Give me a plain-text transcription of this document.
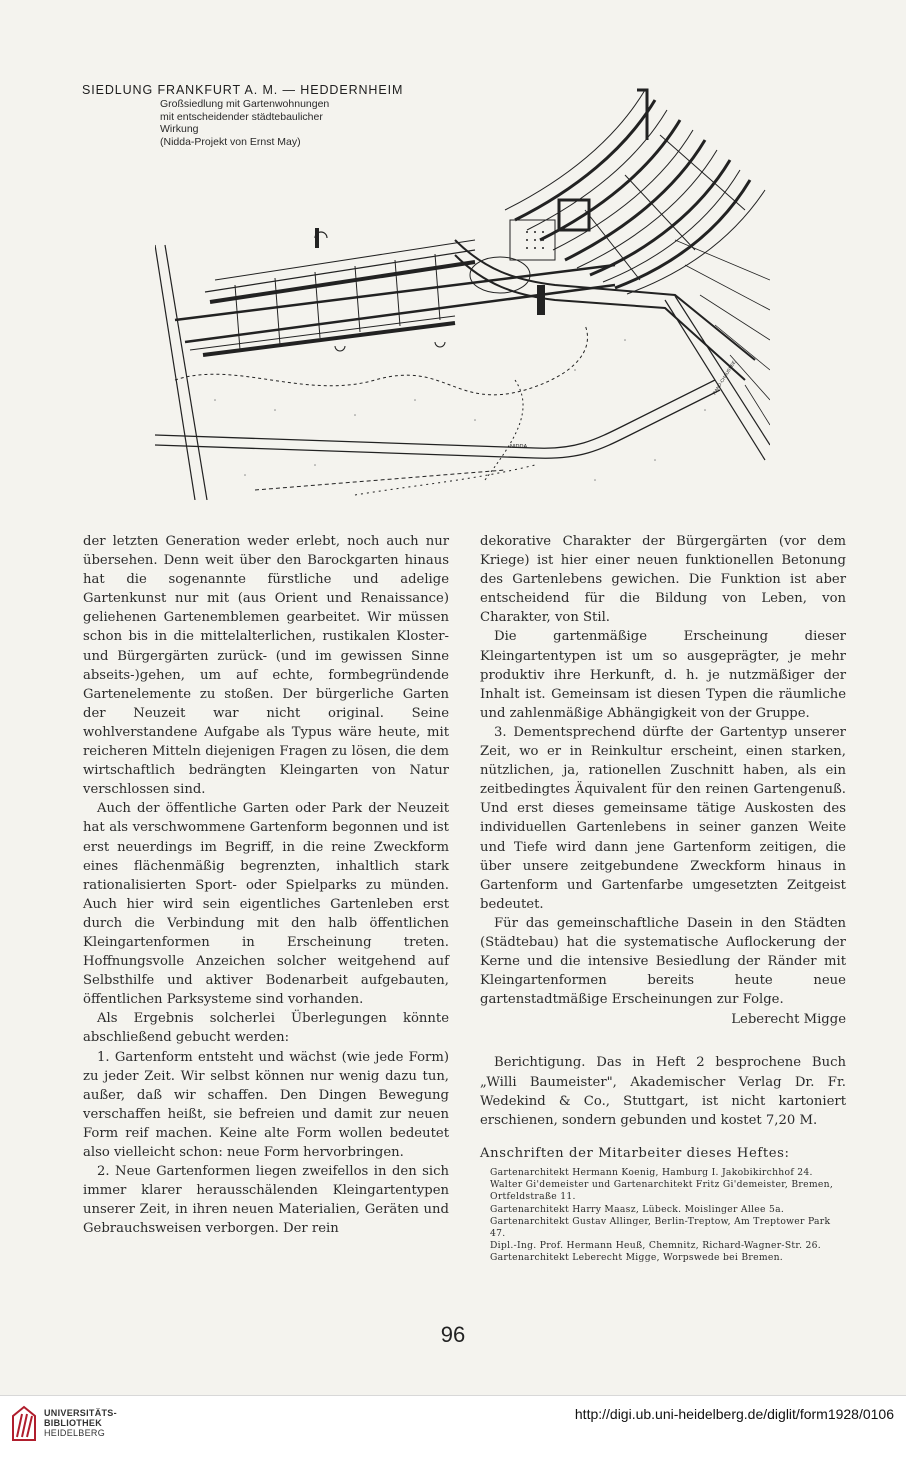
SIEDLUNG FRANKFURT A. M. — HEDDERNHEIM
Großsiedlung mit Gartenwohnungen
mit entscheidender städtebaulicher
Wirkung
(Nidda-Projekt von Ernst May)
NIDDA
RAND-CHAUSSEE

der letzten Generation weder erlebt, noch auch nur übersehen. Denn weit über den Barockgarten hinaus hat die sogenannte fürstliche und adelige Gartenkunst nur mit (aus Orient und Renaissance) geliehenen Gartenemblemen gearbeitet. Wir müssen schon bis in die mittelalterlichen, rustikalen Kloster- und Bürgergärten zurück- (und im gewissen Sinne abseits-)gehen, um auf echte, formbegründende Gartenelemente zu stoßen. Der bürgerliche Garten der Neuzeit war nicht original. Seine wohlverstandene Aufgabe als Typus wäre heute, mit reicheren Mitteln diejenigen Fragen zu lösen, die dem wirtschaftlich bedrängten Kleingarten von Natur verschlossen sind.

Auch der öffentliche Garten oder Park der Neuzeit hat als verschwommene Gartenform begonnen und ist erst neuerdings im Begriff, in die reine Zweckform eines flächenmäßig begrenzten, inhaltlich stark rationalisierten Sport- oder Spielparks zu münden. Auch hier wird sein eigentliches Gartenleben erst durch die Verbindung mit den halb öffentlichen Kleingartenformen in Erscheinung treten. Hoffnungsvolle Anzeichen solcher weitgehend auf Selbsthilfe und aktiver Bodenarbeit aufgebauten, öffentlichen Parksysteme sind vorhanden.

Als Ergebnis solcherlei Überlegungen könnte abschließend gebucht werden:

1. Gartenform entsteht und wächst (wie jede Form) zu jeder Zeit. Wir selbst können nur wenig dazu tun, außer, daß wir schaffen. Den Dingen Bewegung verschaffen heißt, sie befreien und damit zur neuen Form reif machen. Keine alte Form wollen bedeutet also vielleicht schon: neue Form hervorbringen.

2. Neue Gartenformen liegen zweifellos in den sich immer klarer herausschälenden Kleingartentypen unserer Zeit, in ihren neuen Materialien, Geräten und Gebrauchsweisen verborgen. Der rein

dekorative Charakter der Bürgergärten (vor dem Kriege) ist hier einer neuen funktionellen Betonung des Gartenlebens gewichen. Die Funktion ist aber entscheidend für die Bildung von Leben, von Charakter, von Stil.

Die gartenmäßige Erscheinung dieser Kleingartentypen ist um so ausgeprägter, je mehr produktiv ihre Herkunft, d. h. je nutzmäßiger der Inhalt ist. Gemeinsam ist diesen Typen die räumliche und zahlenmäßige Abhängigkeit von der Gruppe.

3. Dementsprechend dürfte der Gartentyp unserer Zeit, wo er in Reinkultur erscheint, einen starken, nützlichen, ja, rationellen Zuschnitt haben, als ein zeitbedingtes Äquivalent für den reinen Gartengenuß. Und erst dieses gemeinsame tätige Auskosten des individuellen Gartenlebens in seiner ganzen Weite und Tiefe wird dann jene Gartenform zeitigen, die über unsere zeitgebundene Zweckform hinaus in Gartenform und Gartenfarbe umgesetzten Zeitgeist bedeutet.

Für das gemeinschaftliche Dasein in den Städten (Städtebau) hat die systematische Auflockerung der Kerne und die intensive Besiedlung der Ränder mit Kleingartenformen bereits heute neue gartenstadtmäßige Erscheinungen zur Folge.

Leberecht Migge

Berichtigung. Das in Heft 2 besprochene Buch „Willi Baumeister", Akademischer Verlag Dr. Fr. Wedekind & Co., Stuttgart, ist nicht kartoniert erschienen, sondern gebunden und kostet 7,20 M.

Anschriften der Mitarbeiter dieses Heftes:

Gartenarchitekt Hermann Koenig, Hamburg I. Jakobikirchhof 24.
Walter Gi'demeister und Gartenarchitekt Fritz Gi'demeister, Bremen, Ortfeldstraße 11.
Gartenarchitekt Harry Maasz, Lübeck. Moislinger Allee 5a.
Gartenarchitekt Gustav Allinger, Berlin-Treptow, Am Treptower Park 47.
Dipl.-Ing. Prof. Hermann Heuß, Chemnitz, Richard-Wagner-Str. 26.
Gartenarchitekt Leberecht Migge, Worpswede bei Bremen.
96
UNIVERSITÄTS-
BIBLIOTHEK
HEIDELBERG
http://digi.ub.uni-heidelberg.de/diglit/form1928/0106
